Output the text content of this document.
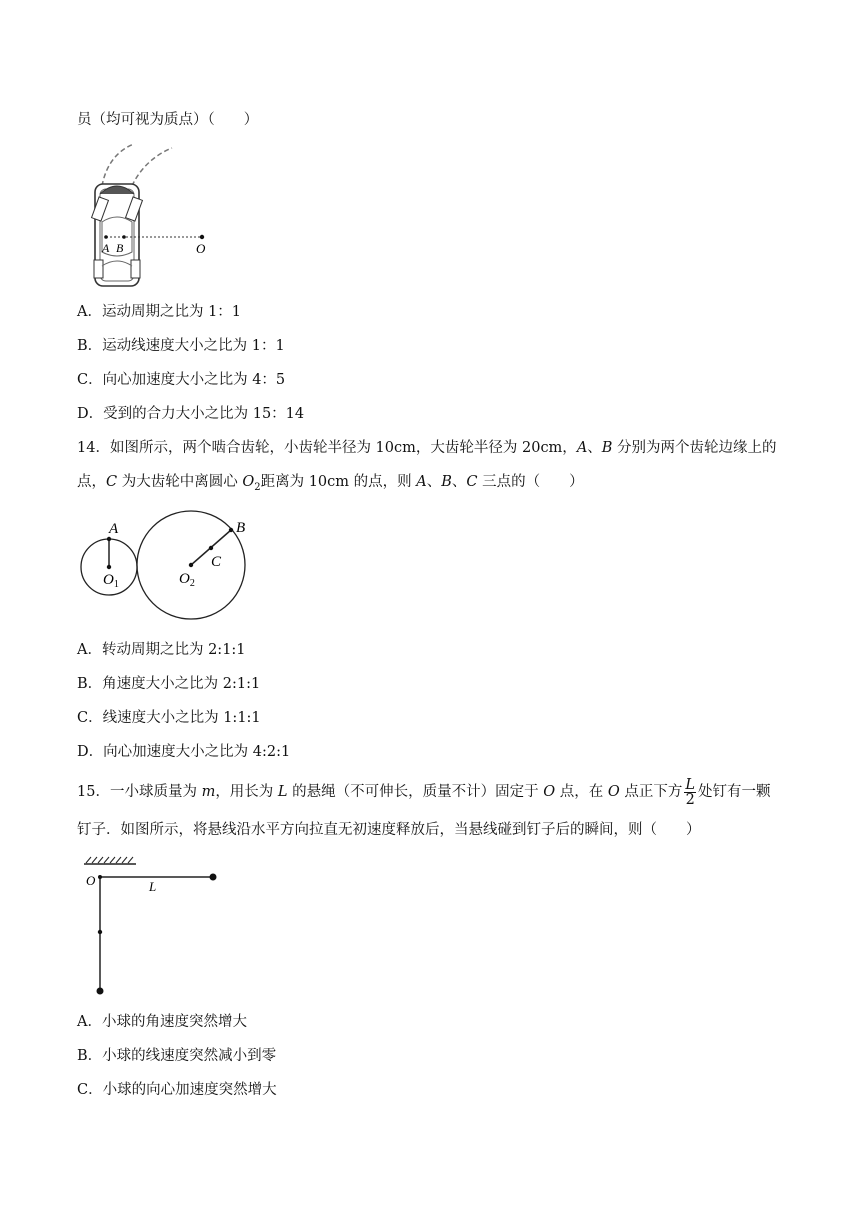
员（均可视为质点）（　　）
A B	O
A．运动周期之比为 1：1
B．运动线速度大小之比为 1：1
C．向心加速度大小之比为 4：5
D．受到的合力大小之比为 15：14
14．如图所示，两个啮合齿轮，小齿轮半径为 10cm，大齿轮半径为 20cm，A、B 分别为两个齿轮边缘上的
点，C 为大齿轮中离圆心 $O_2$距离为 10cm 的点，则 A、B、C 三点的（　　）
A	B
C
$O_1$	$O_2$
A．转动周期之比为 2:1:1
B．角速度大小之比为 2:1:1
C．线速度大小之比为 1:1:1
D．向心加速度大小之比为 4:2:1
15．一小球质量为 m，用长为 L 的悬绳（不可伸长，质量不计）固定于 O 点，在 O 点正下方 $\frac{L}{2}$ 处钉有一颗
钉子．如图所示，将悬线沿水平方向拉直无初速度释放后，当悬线碰到钉子后的瞬间，则（　　）
O	L
A．小球的角速度突然增大
B．小球的线速度突然减小到零
C．小球的向心加速度突然增大
